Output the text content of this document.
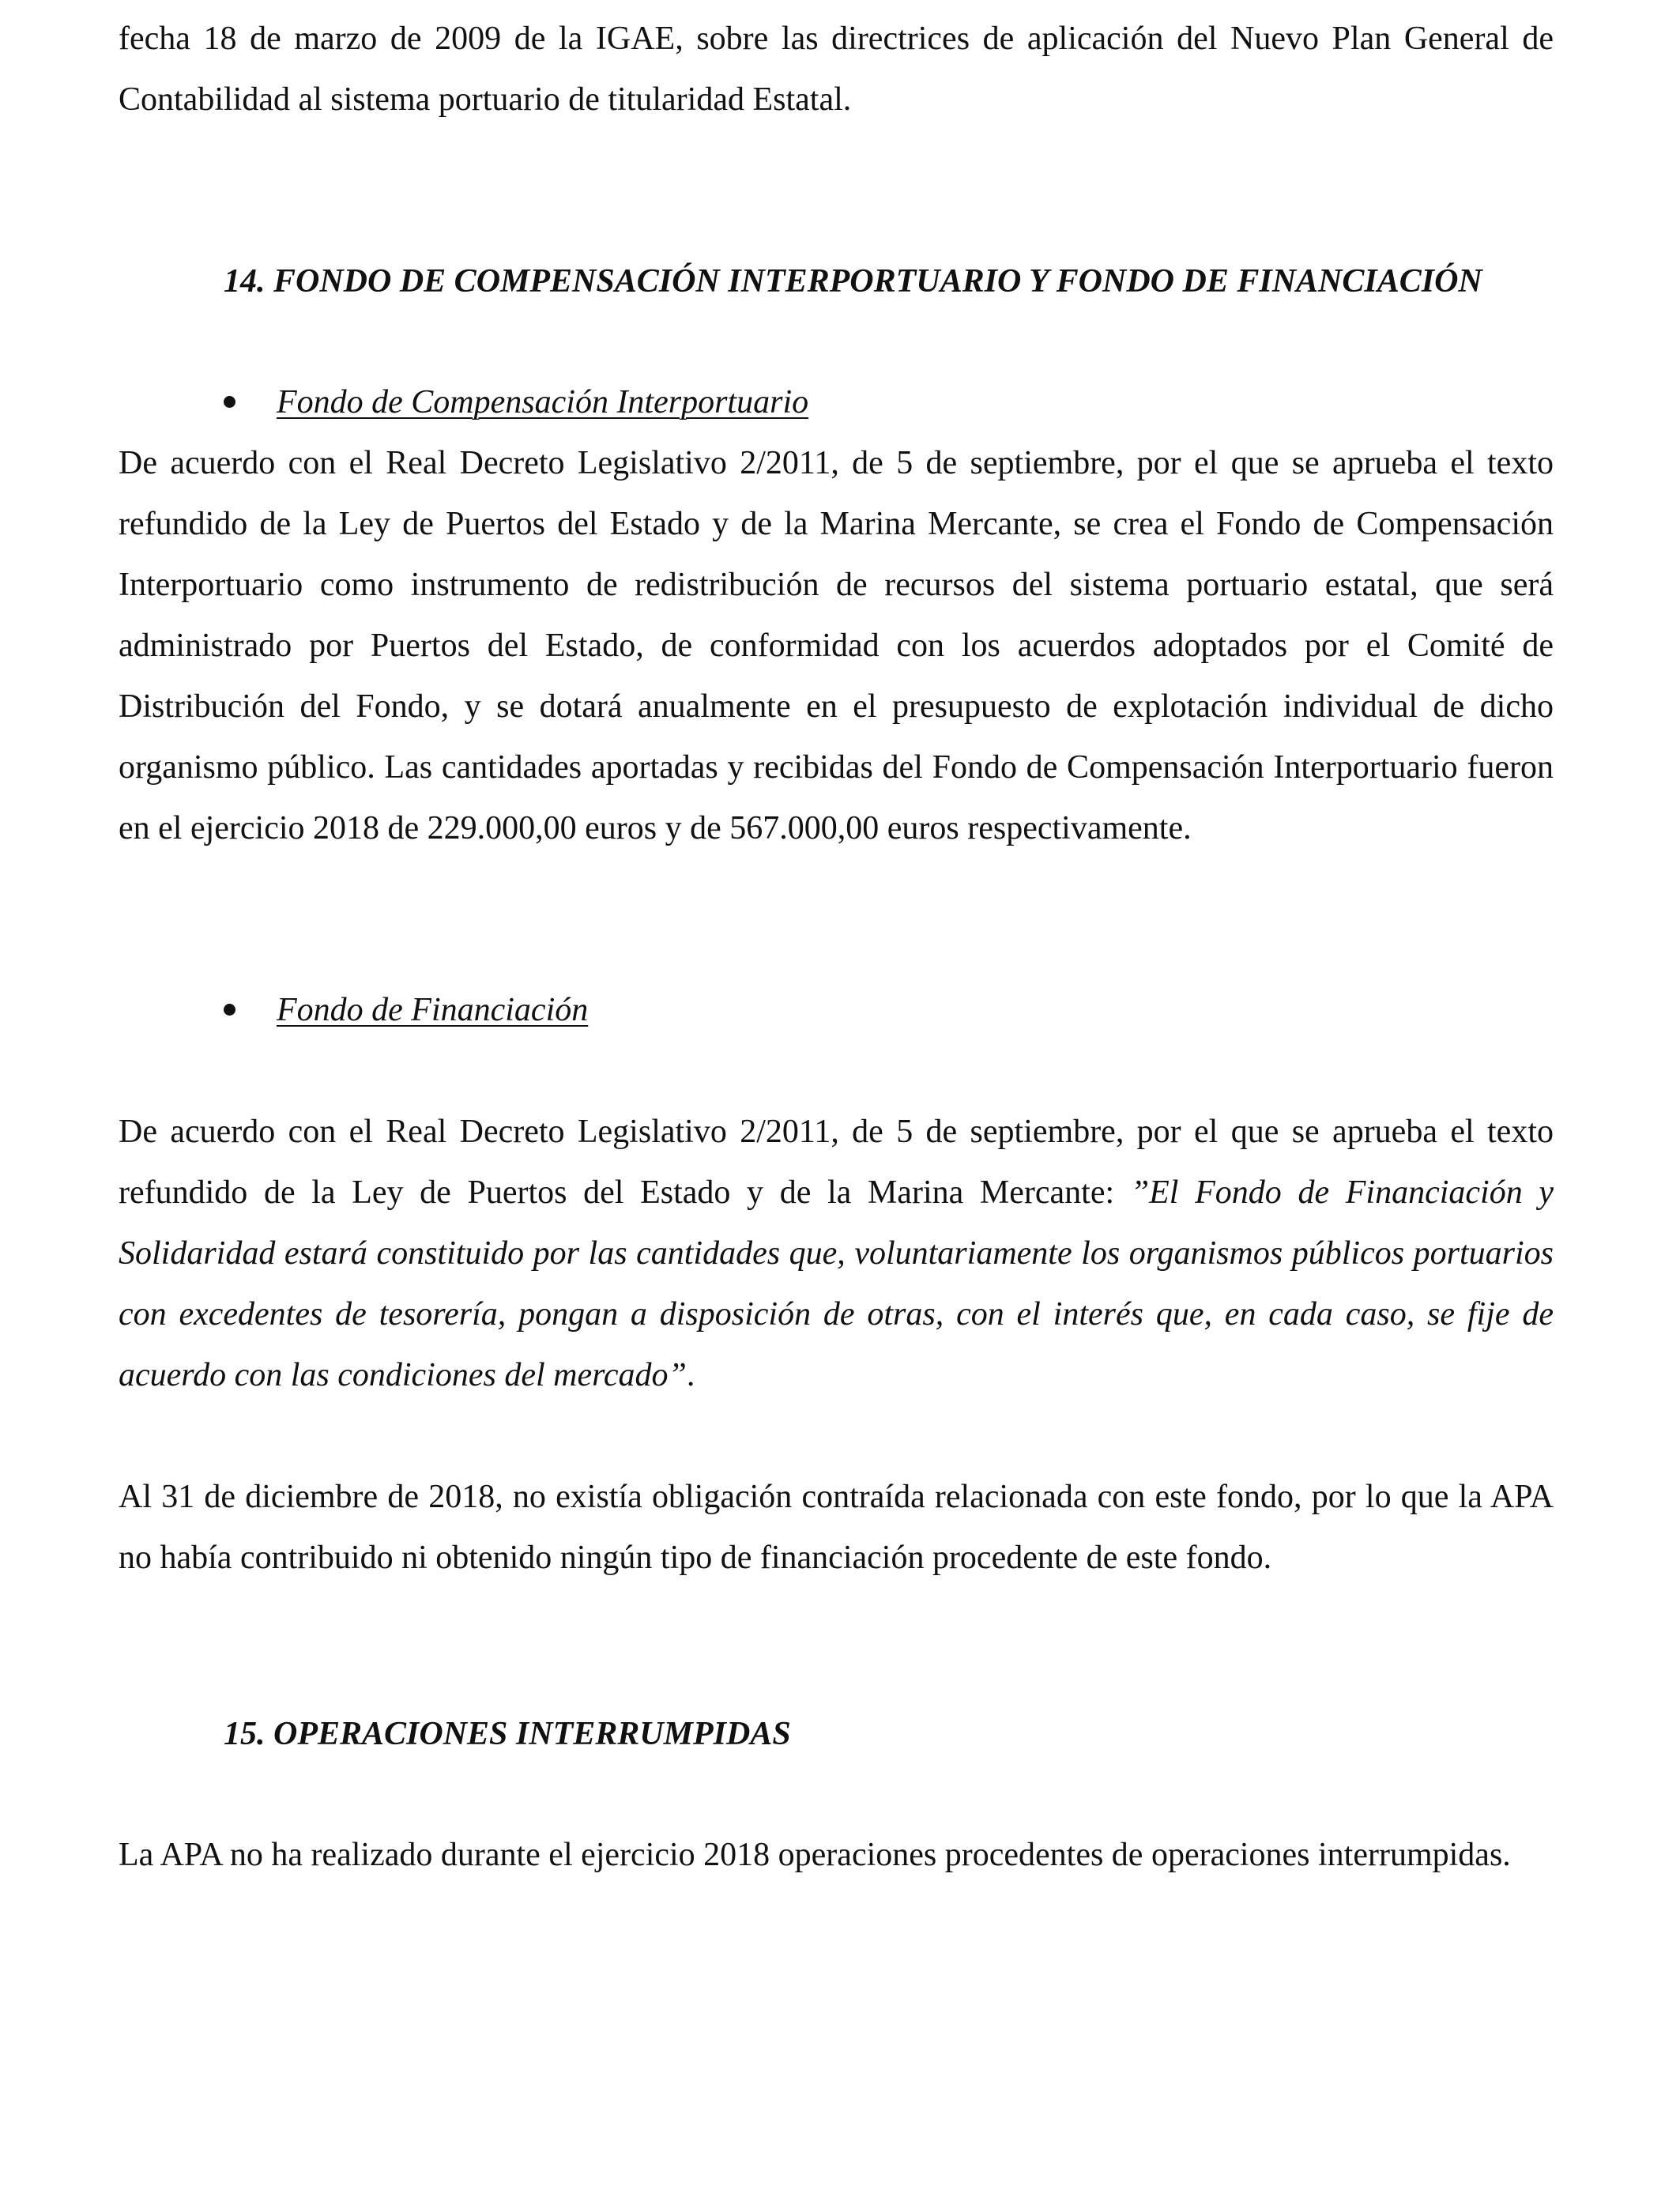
fecha 18 de marzo de 2009 de la IGAE, sobre las directrices de aplicación del Nuevo Plan General de Contabilidad al sistema portuario de titularidad Estatal.

14. FONDO DE COMPENSACIÓN INTERPORTUARIO Y FONDO DE FINANCIACIÓN
Fondo de Compensación Interportuario

De acuerdo con el Real Decreto Legislativo 2/2011, de 5 de septiembre, por el que se aprueba el texto refundido de la Ley de Puertos del Estado y de la Marina Mercante, se crea el Fondo de Compensación Interportuario como instrumento de redistribución de recursos del sistema portuario estatal, que será administrado por Puertos del Estado, de conformidad con los acuerdos adoptados por el Comité de Distribución del Fondo, y se dotará anualmente en el presupuesto de explotación individual de dicho organismo público. Las cantidades aportadas y recibidas del Fondo de Compensación Interportuario fueron en el ejercicio 2018 de 229.000,00 euros y de 567.000,00 euros respectivamente.

Fondo de Financiación

De acuerdo con el Real Decreto Legislativo 2/2011, de 5 de septiembre, por el que se aprueba el texto refundido de la Ley de Puertos del Estado y de la Marina Mercante: ”El Fondo de Financiación y Solidaridad estará constituido por las cantidades que, voluntariamente los organismos públicos portuarios con excedentes de tesorería, pongan a disposición de otras, con el interés que, en cada caso, se fije de acuerdo con las condiciones del mercado”.

Al 31 de diciembre de 2018, no existía obligación contraída relacionada con este fondo, por lo que la APA no había contribuido ni obtenido ningún tipo de financiación procedente de este fondo.

15. OPERACIONES INTERRUMPIDAS

La APA no ha realizado durante el ejercicio 2018 operaciones procedentes de operaciones interrumpidas.
